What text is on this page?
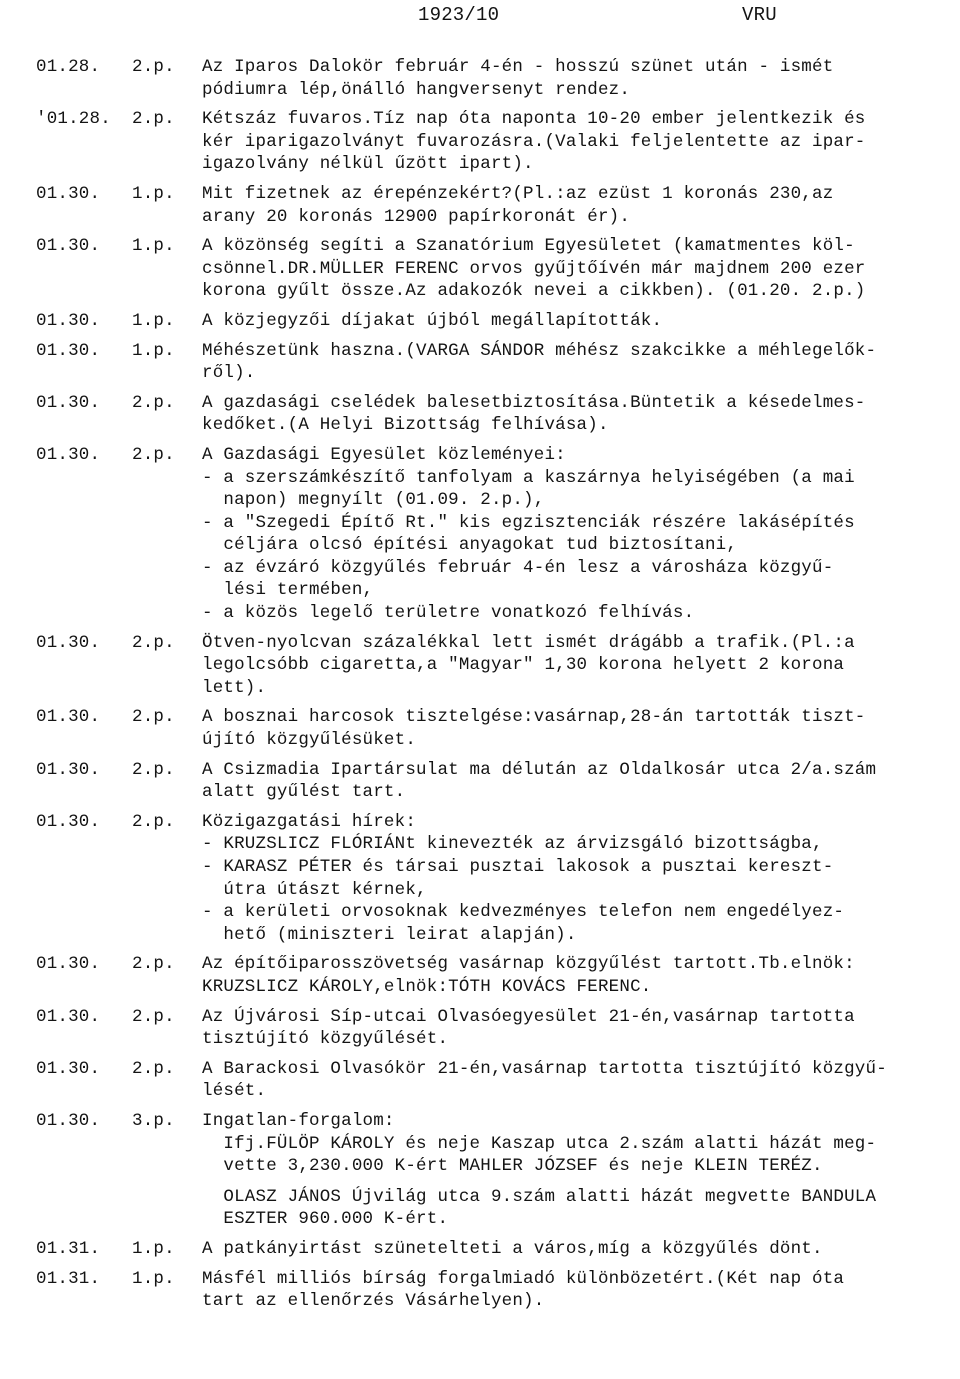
1923/10	VRU
01.28.	2.p.	Az Iparos Dalokör február 4-én - hosszú szünet után - ismét
pódiumra lép,önálló hangversenyt rendez.
'01.28.	2.p.	Kétszáz fuvaros.Tíz nap óta naponta 10-20 ember jelentkezik és
kér iparigazolványt fuvarozásra.(Valaki feljelentette az ipar-
igazolvány nélkül űzött ipart).
01.30.	1.p.	Mit fizetnek az érepénzekért?(Pl.:az ezüst 1 koronás 230,az
arany 20 koronás 12900 papírkoronát ér).
01.30.	1.p.	A közönség segíti a Szanatórium Egyesületet (kamatmentes köl-
csönnel.DR.MÜLLER FERENC orvos gyűjtőívén már majdnem 200 ezer
korona gyűlt össze.Az adakozók nevei a cikkben). (01.20. 2.p.)
01.30.	1.p.	A közjegyzői díjakat újból megállapították.
01.30.	1.p.	Méhészetünk haszna.(VARGA SÁNDOR méhész szakcikke a méhlegelők-
ről).
01.30.	2.p.	A gazdasági cselédek balesetbiztosítása.Büntetik a késedelmes-
kedőket.(A Helyi Bizottság felhívása).
01.30.	2.p.	A Gazdasági Egyesület közleményei:
- a szerszámkészítő tanfolyam a kaszárnya helyiségében (a mai
napon) megnyílt (01.09. 2.p.),
- a "Szegedi Építő Rt." kis egzisztenciák részére lakásépítés
céljára olcsó építési anyagokat tud biztosítani,
- az évzáró közgyűlés február 4-én lesz a városháza közgyű-
lési termében,
- a közös legelő területre vonatkozó felhívás.
01.30.	2.p.	Ötven-nyolcvan százalékkal lett ismét drágább a trafik.(Pl.:a
legolcsóbb cigaretta,a "Magyar" 1,30 korona helyett 2 korona
lett).
01.30.	2.p.	A bosznai harcosok tisztelgése:vasárnap,28-án tartották tiszt-
újító közgyűlésüket.
01.30.	2.p.	A Csizmadia Ipartársulat ma délután az Oldalkosár utca 2/a.szám
alatt gyűlést tart.
01.30.	2.p.	Közigazgatási hírek:
- KRUZSLICZ FLÓRIÁNt kinevezték az árvizsgáló bizottságba,
- KARASZ PÉTER és társai pusztai lakosok a pusztai kereszt-
útra útászt kérnek,
- a kerületi orvosoknak kedvezményes telefon nem engedélyez-
hető (miniszteri leirat alapján).
01.30.	2.p.	Az építőiparosszövetség vasárnap közgyűlést tartott.Tb.elnök:
KRUZSLICZ KÁROLY,elnök:TÓTH KOVÁCS FERENC.
01.30.	2.p.	Az Újvárosi Síp-utcai Olvasóegyesület 21-én,vasárnap tartotta
tisztújító közgyűlését.
01.30.	2.p.	A Barackosi Olvasókör 21-én,vasárnap tartotta tisztújító közgyű-
lését.
01.30.	3.p.	Ingatlan-forgalom:
Ifj.FÜLÖP KÁROLY és neje Kaszap utca 2.szám alatti házát meg-
vette 3,230.000 K-ért MAHLER JÓZSEF és neje KLEIN TERÉZ.
OLASZ JÁNOS Újvilág utca 9.szám alatti házát megvette BANDULA
ESZTER 960.000 K-ért.
01.31.	1.p.	A patkányirtást szünetelteti a város,míg a közgyűlés dönt.
01.31.	1.p.	Másfél milliós bírság forgalmiadó különbözetért.(Két nap óta
tart az ellenőrzés Vásárhelyen).
